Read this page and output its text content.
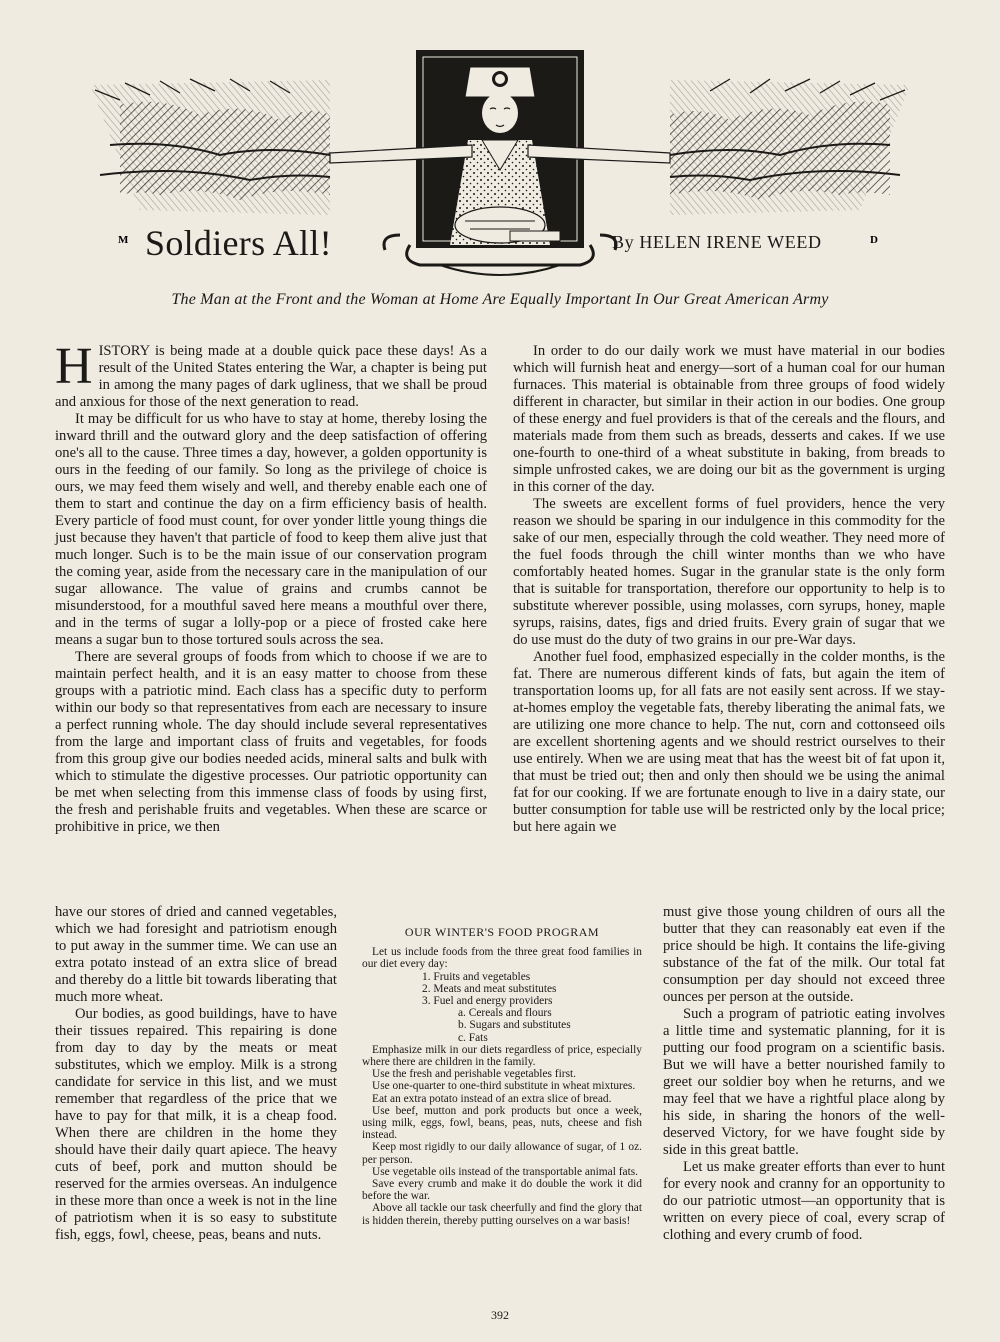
M	D
Soldiers All!	By HELEN IRENE WEED

The Man at the Front and the Woman at Home Are Equally Important In Our Great American Army

HISTORY is being made at a double quick pace these days! As a result of the United States entering the War, a chapter is being put in among the many pages of dark ugliness, that we shall be proud and anxious for those of the next generation to read.

It may be difficult for us who have to stay at home, thereby losing the inward thrill and the outward glory and the deep satisfaction of offering one's all to the cause. Three times a day, however, a golden opportunity is ours in the feeding of our family. So long as the privilege of choice is ours, we may feed them wisely and well, and thereby enable each one of them to start and continue the day on a firm efficiency basis of health. Every particle of food must count, for over yonder little young things die just because they haven't that particle of food to keep them alive just that much longer. Such is to be the main issue of our conservation program the coming year, aside from the necessary care in the manipulation of our sugar allowance. The value of grains and crumbs cannot be misunderstood, for a mouthful saved here means a mouthful over there, and in the terms of sugar a lolly-pop or a piece of frosted cake here means a sugar bun to those tortured souls across the sea.

There are several groups of foods from which to choose if we are to maintain perfect health, and it is an easy matter to choose from these groups with a patriotic mind. Each class has a specific duty to perform within our body so that representatives from each are necessary to insure a perfect running whole. The day should include several representatives from the large and important class of fruits and vegetables, for foods from this group give our bodies needed acids, mineral salts and bulk with which to stimulate the digestive processes. Our patriotic opportunity can be met when selecting from this immense class of foods by using first, the fresh and perishable fruits and vegetables. When these are scarce or prohibitive in price, we then

have our stores of dried and canned vegetables, which we had foresight and patriotism enough to put away in the summer time. We can use an extra potato instead of an extra slice of bread and thereby do a little bit towards liberating that much more wheat.

Our bodies, as good buildings, have to have their tissues repaired. This repairing is done from day to day by the meats or meat substitutes, which we employ. Milk is a strong candidate for service in this list, and we must remember that regardless of the price that we have to pay for that milk, it is a cheap food. When there are children in the home they should have their daily quart apiece. The heavy cuts of beef, pork and mutton should be reserved for the armies overseas. An indulgence in these more than once a week is not in the line of patriotism when it is so easy to substitute fish, eggs, fowl, cheese, peas, beans and nuts.

In order to do our daily work we must have material in our bodies which will furnish heat and energy—sort of a human coal for our human furnaces. This material is obtainable from three groups of food widely different in character, but similar in their action in our bodies. One group of these energy and fuel providers is that of the cereals and the flours, and materials made from them such as breads, desserts and cakes. If we use one-fourth to one-third of a wheat substitute in baking, from breads to simple unfrosted cakes, we are doing our bit as the government is urging in this corner of the day.

The sweets are excellent forms of fuel providers, hence the very reason we should be sparing in our indulgence in this commodity for the sake of our men, especially through the cold weather. They need more of the fuel foods through the chill winter months than we who have comfortably heated homes. Sugar in the granular state is the only form that is suitable for transportation, therefore our opportunity to help is to substitute wherever possible, using molasses, corn syrups, honey, maple syrups, raisins, dates, figs and dried fruits. Every grain of sugar that we do use must do the duty of two grains in our pre-War days.

Another fuel food, emphasized especially in the colder months, is the fat. There are numerous different kinds of fats, but again the item of transportation looms up, for all fats are not easily sent across. If we stay-at-homes employ the vegetable fats, thereby liberating the animal fats, we are utilizing one more chance to help. The nut, corn and cottonseed oils are excellent shortening agents and we should restrict ourselves to their use entirely. When we are using meat that has the weest bit of fat upon it, that must be tried out; then and only then should we be using the animal fat for our cooking. If we are fortunate enough to live in a dairy state, our butter consumption for table use will be restricted only by the local price; but here again we

must give those young children of ours all the butter that they can reasonably eat even if the price should be high. It contains the life-giving substance of the fat of the milk. Our total fat consumption per day should not exceed three ounces per person at the outside.

Such a program of patriotic eating involves a little time and systematic planning, for it is putting our food program on a scientific basis. But we will have a better nourished family to greet our soldier boy when he returns, and we may feel that we have a rightful place along by his side, in sharing the honors of the well-deserved Victory, for we have fought side by side in this great battle.

Let us make greater efforts than ever to hunt for every nook and cranny for an opportunity to do our patriotic utmost—an opportunity that is written on every piece of coal, every scrap of clothing and every crumb of food.

OUR WINTER'S FOOD PROGRAM

Let us include foods from the three great food families in our diet every day:

1. Fruits and vegetables
2. Meats and meat substitutes
3. Fuel and energy providers
a. Cereals and flours
b. Sugars and substitutes
c. Fats

Emphasize milk in our diets regardless of price, especially where there are children in the family.

Use the fresh and perishable vegetables first.

Use one-quarter to one-third substitute in wheat mixtures.

Eat an extra potato instead of an extra slice of bread.

Use beef, mutton and pork products but once a week, using milk, eggs, fowl, beans, peas, nuts, cheese and fish instead.

Keep most rigidly to our daily allowance of sugar, of 1 oz. per person.

Use vegetable oils instead of the transportable animal fats.

Save every crumb and make it do double the work it did before the war.

Above all tackle our task cheerfully and find the glory that is hidden therein, thereby putting ourselves on a war basis!

392
